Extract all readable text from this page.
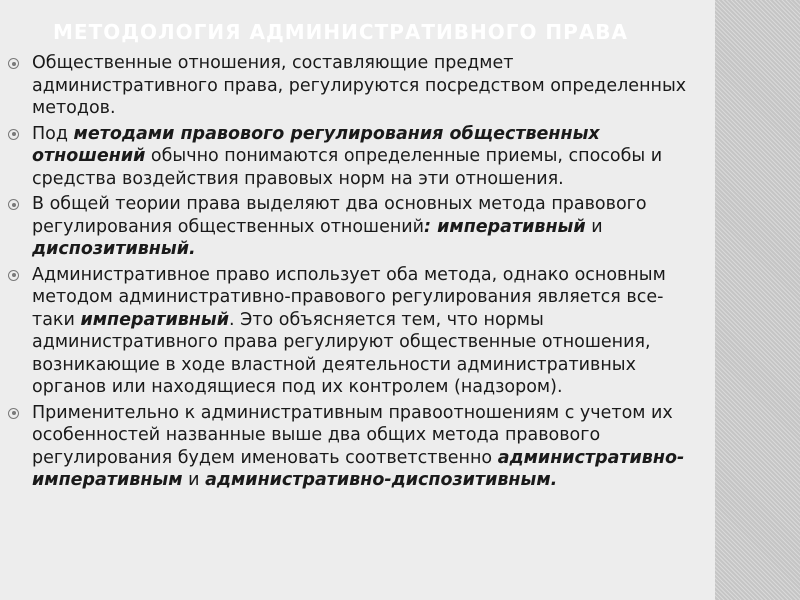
МЕТОДОЛОГИЯ АДМИНИСТРАТИВНОГО ПРАВА
Общественные отношения, составляющие предмет административного права, регулируются посредством определенных методов.
Под методами правового регулирования общественных отношений обычно понимаются определенные приемы, способы и средства воздействия правовых норм на эти отношения.
В общей теории права выделяют два основных метода правового регулирования общественных отношений: императивный и диспозитивный.
Административное право использует оба метода, однако основным методом административно-правового регулирования является все-таки императивный. Это объясняется тем, что нормы административного права регулируют общественные отношения, возникающие в ходе властной деятельности административных органов или находящиеся под их контролем (надзором).
Применительно к административным правоотношениям с учетом их особенностей названные выше два общих метода правового регулирования будем именовать соответственно административно-императивным и административно-диспозитивным.
